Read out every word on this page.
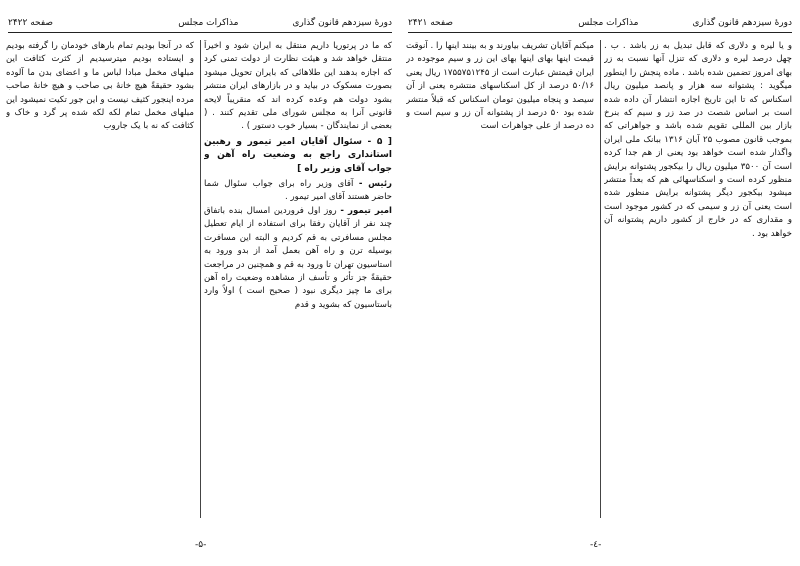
دورهٔ سیزدهم قانون گذاری
مذاکرات مجلس
صفحه ۲۴۲۲

که ما در پرتوریا داریم منتقل به ایران شود و اخیراً منتقل خواهد شد و هیئت نظارت از دولت تمنی کرد که اجازه بدهند این طلاهائی که بایران تحویل میشود بصورت مسکوک در بیاید و در بازارهای ایران منتشر بشود دولت هم وعده کرده اند که منقریباً لایحه قانونی آنرا به مجلس شورای ملی تقدیم کنند . ( بعضی از نمایندگان - بسیار خوب دستور ) .

[ ۵ - سئوال آقایان امیر تیمور و رهبین استانداری راجع به وضعیت راه آهن و جواب آقای وزیر راه ]

رئیس - آقای وزیر راه برای جواب سئوال شما حاضر هستند آقای امیر تیمور .

امیر تیمور - روز اول فروردین امسال بنده باتفاق چند نفر از آقایان رفقا برای استفاده از ایام تعطیل مجلس مسافرتی به قم کردیم و البته این مسافرت بوسیله ترن و راه آهن بعمل آمد از بدو ورود به استاسیون تهران تا ورود به قم و همچنین در مراجعت حقیقةً جز تأثر و تأسف از مشاهده وضعیت راه آهن برای ما چیز دیگری نبود ( صحیح است ) اولاً وارد باستاسیون که بشوید و قدم

که در آنجا بودیم تمام بارهای خودمان را گرفته بودیم و ایستاده بودیم میترسیدیم از کثرت کثافت این مبلهای مخمل مبادا لباس ما و اعضای بدن ما آلوده بشود حقیقةً هیچ خانهٔ بی صاحب و هیچ خانهٔ صاحب مرده اینجور کثیف نیست و این جور تکیت نمیشود این مبلهای مخمل تمام لکه لکه شده پر گرد و خاک و کثافت که نه با یک جاروب

-۵-
دورهٔ سیزدهم قانون گذاری
مذاکرات مجلس
صفحه ۲۴۲۱

و یا لیره و دلاری که قابل تبدیل به زر باشد . ب . چهل درصد لیره و دلاری که تنزل آنها نسبت به زر بهای امروز تضمین شده باشد . ماده پنجش را اینطور میگوید : پشتوانه سه هزار و پانصد میلیون ریال اسکناس که تا این تاریخ اجازه انتشار آن داده شده است بر اساس شصت در صد زر و سیم که بنرخ بازار بین المللی تقویم شده باشد و جواهراتی که بموجب قانون مصوب ۲۵ آبان ۱۳۱۶ ببانک ملی ایران واگذار شده است خواهد بود یعنی از هم جدا کرده است آن ۳۵۰۰ میلیون ریال را بیکجور پشتوانه برایش منظور کرده است و اسکناسهائی هم که بعداً منتشر میشود بیکجور دیگر پشتوانه برایش منظور شده است یعنی آن زر و سیمی که در کشور موجود است و مقداری که در خارج از کشور داریم پشتوانه آن خواهد بود .

میکنم آقایان تشریف بیاورند و به بینند اینها را . آنوقت قیمت اینها بهای اینها بهای این زر و سیم موجوده در ایران قیمتش عبارت است از ۱۷۵۵۷۵۱۲۴۵ ریال یعنی ۵۰/۱۶ درصد از کل اسکناسهای منتشره یعنی از آن سیصد و پنجاه میلیون تومان اسکناس که قبلاً منتشر شده بود ۵۰ درصد از پشتوانه آن زر و سیم است و ده درصد از علی جواهرات است

-٤-
